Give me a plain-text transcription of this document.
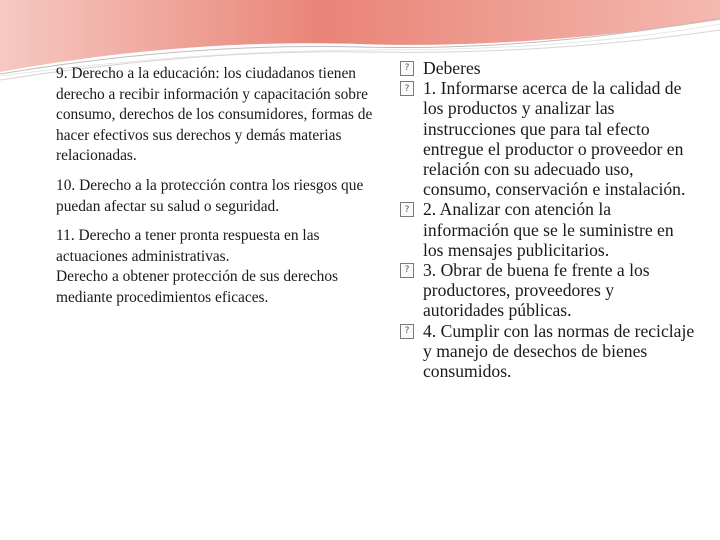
9. Derecho a la educación: los ciudadanos tienen derecho a recibir información y capacitación sobre consumo, derechos de los consumidores, formas de hacer efectivos sus derechos y demás materias relacionadas.

10. Derecho a la protección contra los riesgos que puedan afectar su salud o seguridad.

11. Derecho a tener pronta respuesta en las actuaciones administrativas.

Derecho a obtener protección de sus derechos mediante procedimientos eficaces.

? Deberes
? 1. Informarse acerca de la calidad de los productos y analizar las instrucciones que para tal efecto entregue el productor o proveedor en relación con su adecuado uso, consumo, conservación e instalación.
? 2. Analizar con atención la información que se le suministre en los mensajes publicitarios.
? 3. Obrar de buena fe frente a los productores, proveedores y autoridades públicas.
? 4. Cumplir con las normas de reciclaje y manejo de desechos de bienes consumidos.
